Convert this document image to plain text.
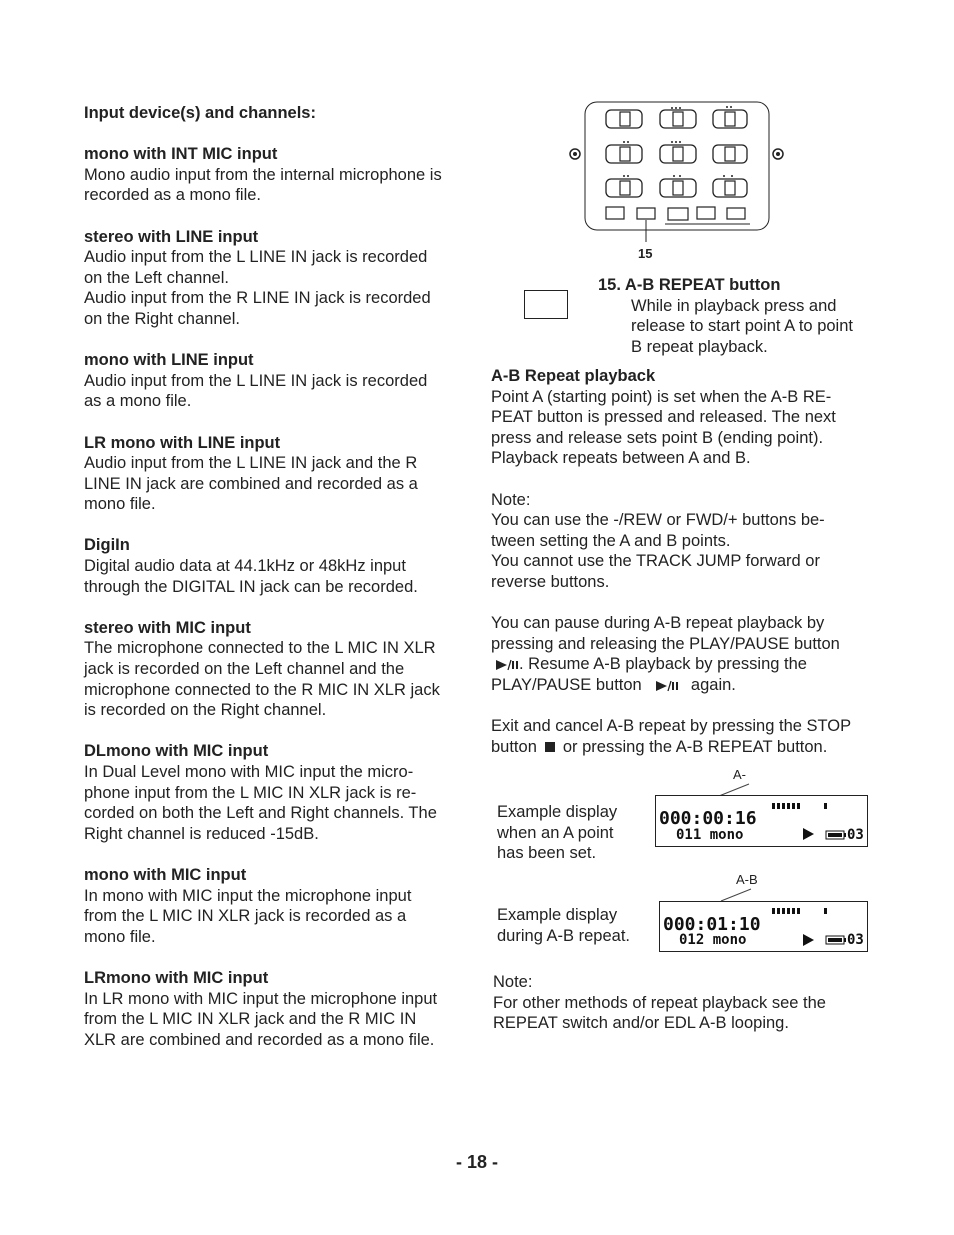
Input device(s) and channels:
mono with INT MIC input

Mono audio input from the internal microphone is

recorded as a mono file.

stereo with LINE input

Audio input from the L LINE IN jack is recorded

on the Left channel.

Audio input from the R LINE IN jack is recorded

on the Right channel.

mono with LINE input

Audio input from the L LINE IN jack is recorded

as a mono file.

LR mono with LINE input

Audio input from the L LINE IN jack and the R

LINE IN jack are combined and recorded as a

mono file.

DigiIn

Digital audio data at 44.1kHz or 48kHz input

through the DIGITAL IN jack can be recorded.

stereo with MIC input

The microphone connected to the L MIC IN XLR

jack is recorded on the Left channel and the

microphone connected to the R MIC IN XLR jack

is recorded on the Right channel.

DLmono with MIC input

In Dual Level mono with MIC input the micro-

phone input from the L MIC IN XLR jack is re-

corded on both the Left and Right channels. The

Right channel is reduced -15dB.

mono with MIC input

In mono with MIC input the microphone input

from the L MIC IN XLR jack is recorded as a

mono file.

LRmono with MIC input

In LR mono with MIC input the microphone input

from the L MIC IN XLR jack and the R MIC IN

XLR are combined and recorded as a mono file.

15
15. A-B REPEAT button

While in playback press and

release to start point A to point

B repeat playback.

A-B Repeat playback

Point A (starting point) is set when the A-B RE-

PEAT button is pressed and released. The next

press and release sets point B (ending point).

Playback repeats between A and B.

Note:

You can use the -/REW or FWD/+ buttons be-

tween setting the A and B points.

You cannot use the TRACK JUMP forward or

reverse buttons.

You can pause during A-B repeat playback by

pressing and releasing the PLAY/PAUSE button

. Resume A-B playback by pressing the

PLAY/PAUSE button	again.

Exit and cancel A-B repeat by pressing the STOP

button or pressing the A-B REPEAT button.

A-

Example display

when an A point

has been set.

000:00:16
011 mono	03
A-B

Example display

during A-B repeat.

000:01:10
012 mono	03

Note:

For other methods of repeat playback see the

REPEAT switch and/or EDL A-B looping.

- 18 -
